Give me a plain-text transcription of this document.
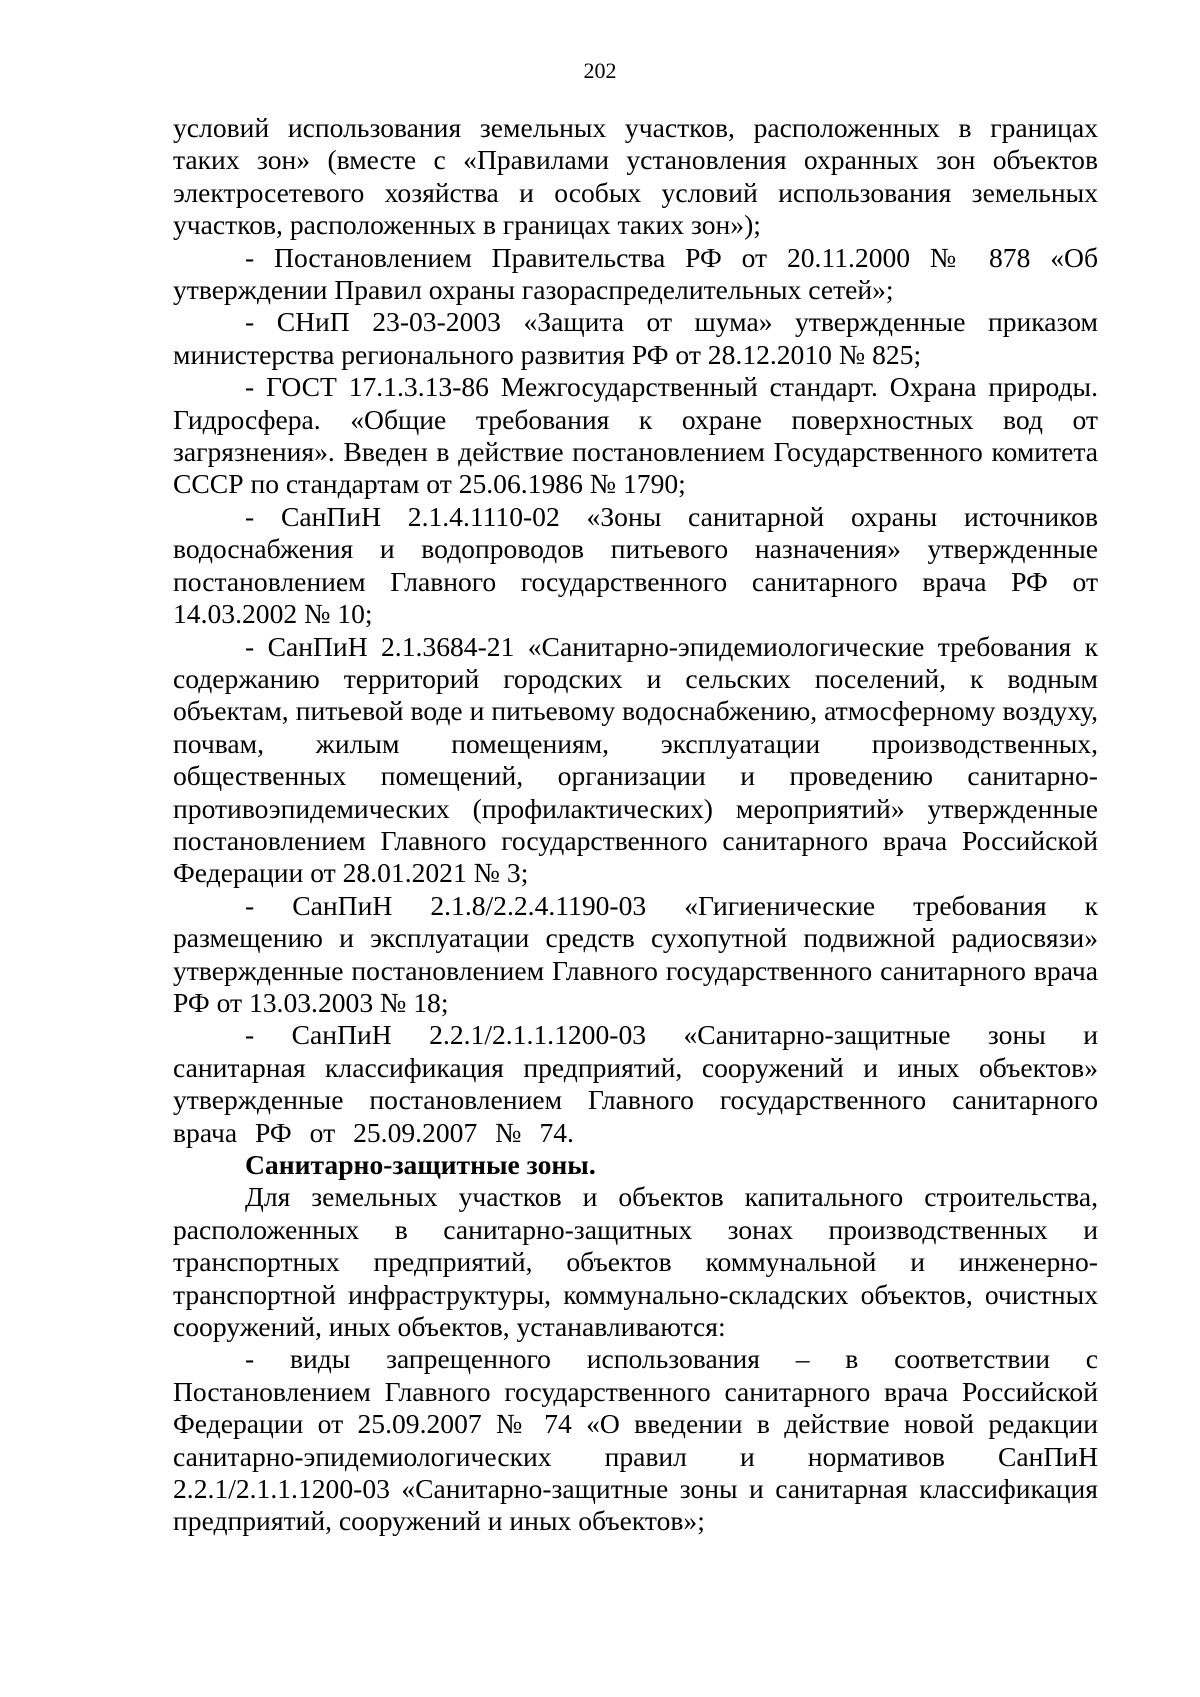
202

условий использования земельных участков, расположенных в границах таких зон» (вместе с «Правилами установления охранных зон объектов электросетевого хозяйства и особых условий использования земельных участков, расположенных в границах таких зон»);

- Постановлением Правительства РФ от 20.11.2000 № 878 «Об утверждении Правил охраны газораспределительных сетей»;

- СНиП 23-03-2003 «Защита от шума» утвержденные приказом министерства регионального развития РФ от 28.12.2010 № 825;

- ГОСТ 17.1.3.13-86 Межгосударственный стандарт. Охрана природы. Гидросфера. «Общие требования к охране поверхностных вод от загрязнения». Введен в действие постановлением Государственного комитета СССР по стандартам от 25.06.1986 № 1790;

- СанПиН 2.1.4.1110-02 «Зоны санитарной охраны источников водоснабжения и водопроводов питьевого назначения» утвержденные постановлением Главного государственного санитарного врача РФ от 14.03.2002 № 10;

- СанПиН 2.1.3684-21 «Санитарно-эпидемиологические требования к содержанию территорий городских и сельских поселений, к водным объектам, питьевой воде и питьевому водоснабжению, атмосферному воздуху, почвам, жилым помещениям, эксплуатации производственных, общественных помещений, организации и проведению санитарно-противоэпидемических (профилактических) мероприятий» утвержденные постановлением Главного государственного санитарного врача Российской Федерации от 28.01.2021 № 3;

- СанПиН 2.1.8/2.2.4.1190-03 «Гигиенические требования к размещению и эксплуатации средств сухопутной подвижной радиосвязи» утвержденные постановлением Главного государственного санитарного врача РФ от 13.03.2003 № 18;

- СанПиН 2.2.1/2.1.1.1200-03 «Санитарно-защитные зоны и санитарная классификация предприятий, сооружений и иных объектов» утвержденные постановлением Главного государственного санитарного врача РФ от 25.09.2007 № 74.

Санитарно-защитные зоны.

Для земельных участков и объектов капитального строительства, расположенных в санитарно-защитных зонах производственных и транспортных предприятий, объектов коммунальной и инженерно-транспортной инфраструктуры, коммунально-складских объектов, очистных сооружений, иных объектов, устанавливаются:

- виды запрещенного использования – в соответствии с Постановлением Главного государственного санитарного врача Российской Федерации от 25.09.2007 № 74 «О введении в действие новой редакции санитарно-эпидемиологических правил и нормативов СанПиН 2.2.1/2.1.1.1200-03 «Санитарно-защитные зоны и санитарная классификация предприятий, сооружений и иных объектов»;
